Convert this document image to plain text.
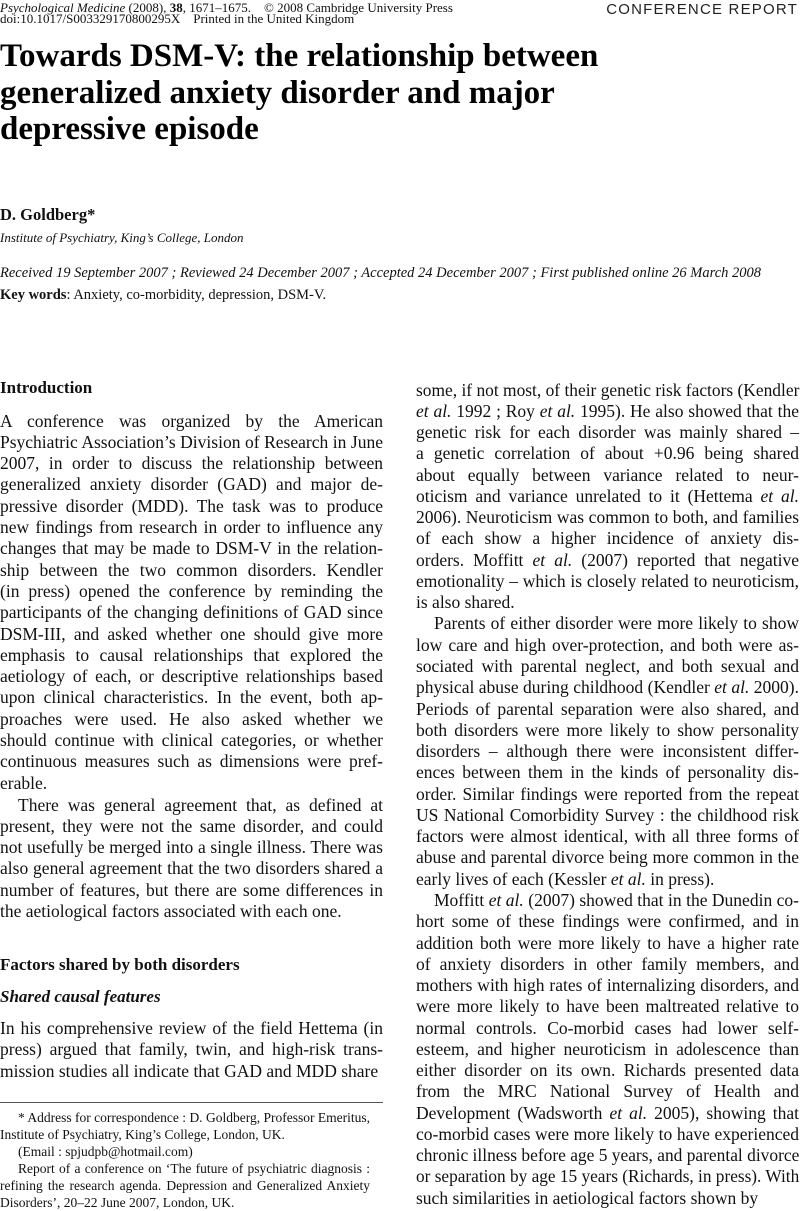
Psychological Medicine (2008), 38, 1671–1675. © 2008 Cambridge University Press
doi:10.1017/S003329170800295X Printed in the United Kingdom
CONFERENCE REPORT
Towards DSM-V: the relationship between
generalized anxiety disorder and major
depressive episode
D. Goldberg*
Institute of Psychiatry, King’s College, London
Received 19 September 2007 ; Reviewed 24 December 2007 ; Accepted 24 December 2007 ; First published online 26 March 2008
Key words: Anxiety, co-morbidity, depression, DSM-V.
Introduction
Factors shared by both disorders
Shared causal features
A conference was organized by the American
Psychiatric Association’s Division of Research in June
2007, in order to discuss the relationship between
generalized anxiety disorder (GAD) and major de-
pressive disorder (MDD). The task was to produce
new findings from research in order to influence any
changes that may be made to DSM-V in the relation-
ship between the two common disorders. Kendler
(in press) opened the conference by reminding the
participants of the changing definitions of GAD since
DSM-III, and asked whether one should give more
emphasis to causal relationships that explored the
aetiology of each, or descriptive relationships based
upon clinical characteristics. In the event, both ap-
proaches were used. He also asked whether we
should continue with clinical categories, or whether
continuous measures such as dimensions were pref-
erable.
There was general agreement that, as defined at
present, they were not the same disorder, and could
not usefully be merged into a single illness. There was
also general agreement that the two disorders shared a
number of features, but there are some differences in
the aetiological factors associated with each one.
In his comprehensive review of the field Hettema (in
press) argued that family, twin, and high-risk trans-
mission studies all indicate that GAD and MDD share
some, if not most, of their genetic risk factors (Kendler
et al. 1992 ; Roy et al. 1995). He also showed that the
genetic risk for each disorder was mainly shared –
a genetic correlation of about +0.96 being shared
about equally between variance related to neur-
oticism and variance unrelated to it (Hettema et al.
2006). Neuroticism was common to both, and families
of each show a higher incidence of anxiety dis-
orders. Moffitt et al. (2007) reported that negative
emotionality – which is closely related to neuroticism,
is also shared.
Parents of either disorder were more likely to show
low care and high over-protection, and both were as-
sociated with parental neglect, and both sexual and
physical abuse during childhood (Kendler et al. 2000).
Periods of parental separation were also shared, and
both disorders were more likely to show personality
disorders – although there were inconsistent differ-
ences between them in the kinds of personality dis-
order. Similar findings were reported from the repeat
US National Comorbidity Survey : the childhood risk
factors were almost identical, with all three forms of
abuse and parental divorce being more common in the
early lives of each (Kessler et al. in press).
Moffitt et al. (2007) showed that in the Dunedin co-
hort some of these findings were confirmed, and in
addition both were more likely to have a higher rate
of anxiety disorders in other family members, and
mothers with high rates of internalizing disorders, and
were more likely to have been maltreated relative to
normal controls. Co-morbid cases had lower self-
esteem, and higher neuroticism in adolescence than
either disorder on its own. Richards presented data
from the MRC National Survey of Health and
Development (Wadsworth et al. 2005), showing that
co-morbid cases were more likely to have experienced
chronic illness before age 5 years, and parental divorce
or separation by age 15 years (Richards, in press). With
such similarities in aetiological factors shown by
* Address for correspondence : D. Goldberg, Professor Emeritus,
Institute of Psychiatry, King’s College, London, UK.
(Email : spjudpb@hotmail.com)
Report of a conference on ‘The future of psychiatric diagnosis :
refining the research agenda. Depression and Generalized Anxiety
Disorders’, 20–22 June 2007, London, UK.
